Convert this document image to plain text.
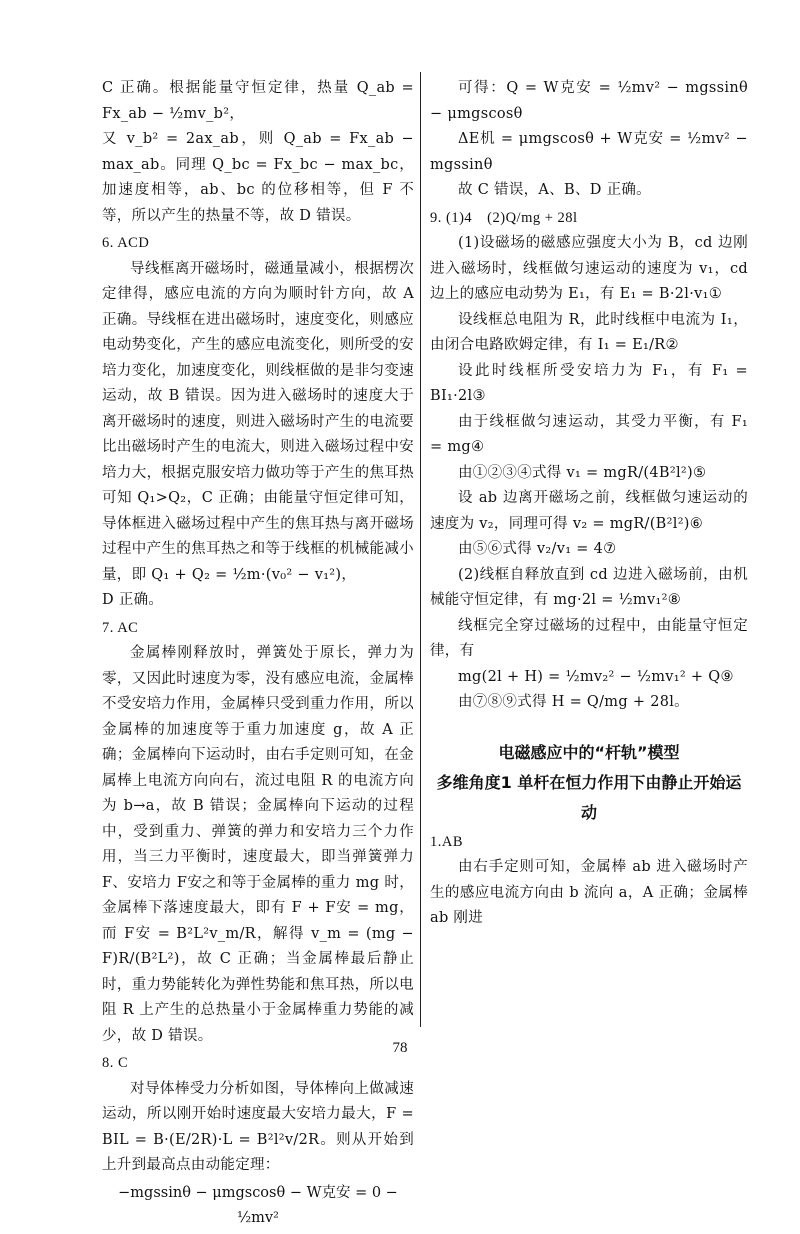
C 正确。根据能量守恒定律，热量 Q_ab = Fx_ab − ½mv_b²，

又 v_b² = 2ax_ab，则 Q_ab = Fx_ab − max_ab。同理 Q_bc = Fx_bc − max_bc，加速度相等，ab、bc 的位移相等，但 F 不等，所以产生的热量不等，故 D 错误。

6. ACD

导线框离开磁场时，磁通量减小，根据楞次定律得，感应电流的方向为顺时针方向，故 A 正确。导线框在进出磁场时，速度变化，则感应电动势变化，产生的感应电流变化，则所受的安培力变化，加速度变化，则线框做的是非匀变速运动，故 B 错误。因为进入磁场时的速度大于离开磁场时的速度，则进入磁场时产生的电流要比出磁场时产生的电流大，则进入磁场过程中安培力大，根据克服安培力做功等于产生的焦耳热可知 Q₁>Q₂，C 正确；由能量守恒定律可知，导体框进入磁场过程中产生的焦耳热与离开磁场过程中产生的焦耳热之和等于线框的机械能减小量，即 Q₁ + Q₂ = ½m·(v₀² − v₁²)，

D 正确。

7. AC

金属棒刚释放时，弹簧处于原长，弹力为零，又因此时速度为零，没有感应电流，金属棒不受安培力作用，金属棒只受到重力作用，所以金属棒的加速度等于重力加速度 g，故 A 正确；金属棒向下运动时，由右手定则可知，在金属棒上电流方向向右，流过电阻 R 的电流方向为 b→a，故 B 错误；金属棒向下运动的过程中，受到重力、弹簧的弹力和安培力三个力作用，当三力平衡时，速度最大，即当弹簧弹力 F、安培力 F安之和等于金属棒的重力 mg 时，金属棒下落速度最大，即有 F + F安 = mg，而 F安 = B²L²v_m/R，解得 v_m = (mg − F)R/(B²L²)，故 C 正确；当金属棒最后静止时，重力势能转化为弹性势能和焦耳热，所以电阻 R 上产生的总热量小于金属棒重力势能的减少，故 D 错误。

8. C

对导体棒受力分析如图，导体棒向上做减速运动，所以刚开始时速度最大安培力最大，F = BIL = B·(E/2R)·L = B²l²v/2R。则从开始到上升到最高点由动能定理：

−mgssinθ − μmgscosθ − W克安 = 0 − ½mv²

可得：Q = W克安 = ½mv² − mgssinθ − μmgscosθ

ΔE机 = μmgscosθ + W克安 = ½mv² − mgssinθ

故 C 错误，A、B、D 正确。

9. (1)4　(2)Q/mg + 28l

(1)设磁场的磁感应强度大小为 B，cd 边刚进入磁场时，线框做匀速运动的速度为 v₁，cd 边上的感应电动势为 E₁，有 E₁ = B·2l·v₁①

设线框总电阻为 R，此时线框中电流为 I₁，由闭合电路欧姆定律，有 I₁ = E₁/R②

设此时线框所受安培力为 F₁，有 F₁ = BI₁·2l③

由于线框做匀速运动，其受力平衡，有 F₁ = mg④

由①②③④式得 v₁ = mgR/(4B²l²)⑤

设 ab 边离开磁场之前，线框做匀速运动的速度为 v₂，同理可得 v₂ = mgR/(B²l²)⑥

由⑤⑥式得 v₂/v₁ = 4⑦

(2)线框自释放直到 cd 边进入磁场前，由机械能守恒定律，有 mg·2l = ½mv₁²⑧

线框完全穿过磁场的过程中，由能量守恒定律，有

mg(2l + H) = ½mv₂² − ½mv₁² + Q⑨

由⑦⑧⑨式得 H = Q/mg + 28l。

电磁感应中的“杆轨”模型
多维角度1 单杆在恒力作用下由静止开始运动

1.AB

由右手定则可知，金属棒 ab 进入磁场时产生的感应电流方向由 b 流向 a，A 正确；金属棒 ab 刚进

78
